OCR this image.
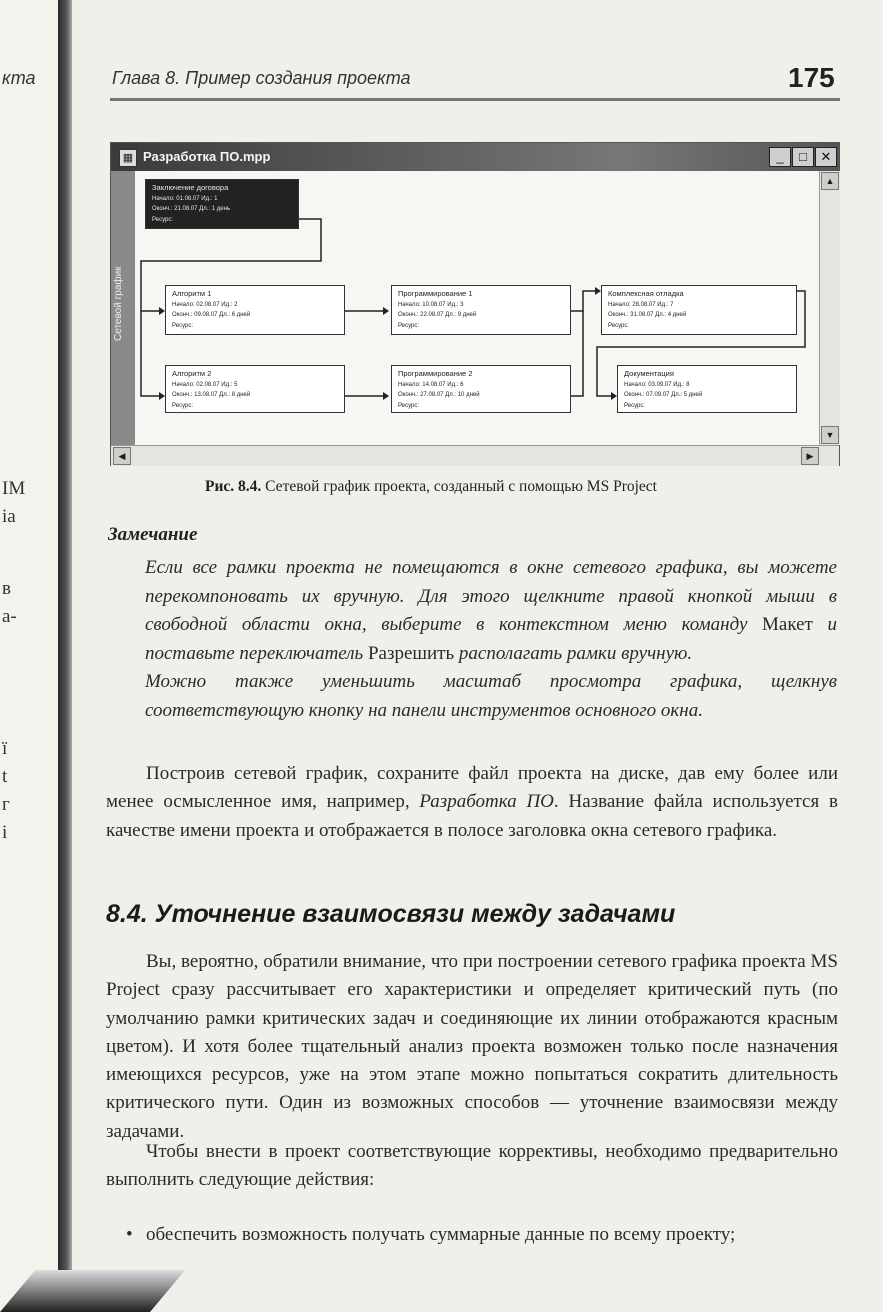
кта
ІМ
іа
в
а-
ï
t
г
і
Глава 8. Пример создания проекта	175
▦ Разработка ПО.mpp	_	□	✕
Сетевой график
Заключение договора
Начало: 01.08.07 Ид.: 1
Оконч.: 21.08.07 Дл.: 1 день
Ресурс:
Алгоритм 1
Начало: 02.08.07 Ид.: 2
Оконч.: 09.08.07 Дл.: 6 дней
Ресурс:
Программирование 1
Начало: 10.08.07 Ид.: 3
Оконч.: 22.08.07 Дл.: 9 дней
Ресурс:
Комплексная отладка
Начало: 28.08.07 Ид.: 7
Оконч.: 31.08.07 Дл.: 4 дней
Ресурс:
Алгоритм 2
Начало: 02.08.07 Ид.: 5
Оконч.: 13.08.07 Дл.: 8 дней
Ресурс:
Программирование 2
Начало: 14.08.07 Ид.: 6
Оконч.: 27.08.07 Дл.: 10 дней
Ресурс:
Документация
Начало: 03.09.07 Ид.: 8
Оконч.: 07.09.07 Дл.: 5 дней
Ресурс:
▲
▼
◀	▶
Рис. 8.4. Сетевой график проекта, созданный с помощью MS Project
Замечание
Если все рамки проекта не помещаются в окне сетевого графика, вы можете перекомпоновать их вручную. Для этого щелкните правой кнопкой мыши в свободной области окна, выберите в контекстном меню команду Макет и поставьте переключатель Разрешить располагать рамки вручную.
Можно также уменьшить масштаб просмотра графика, щелкнув соответствующую кнопку на панели инструментов основного окна.
Построив сетевой график, сохраните файл проекта на диске, дав ему более или менее осмысленное имя, например, Разработка ПО. Название файла используется в качестве имени проекта и отображается в полосе заголовка окна сетевого графика.
8.4. Уточнение взаимосвязи между задачами
Вы, вероятно, обратили внимание, что при построении сетевого графика проекта MS Project сразу рассчитывает его характеристики и определяет критический путь (по умолчанию рамки критических задач и соединяющие их линии отображаются красным цветом). И хотя более тщательный анализ проекта возможен только после назначения имеющихся ресурсов, уже на этом этапе можно попытаться сократить длительность критического пути. Один из возможных способов — уточнение взаимосвязи между задачами.
Чтобы внести в проект соответствующие коррективы, необходимо предварительно выполнить следующие действия:
• обеспечить возможность получать суммарные данные по всему проекту;
